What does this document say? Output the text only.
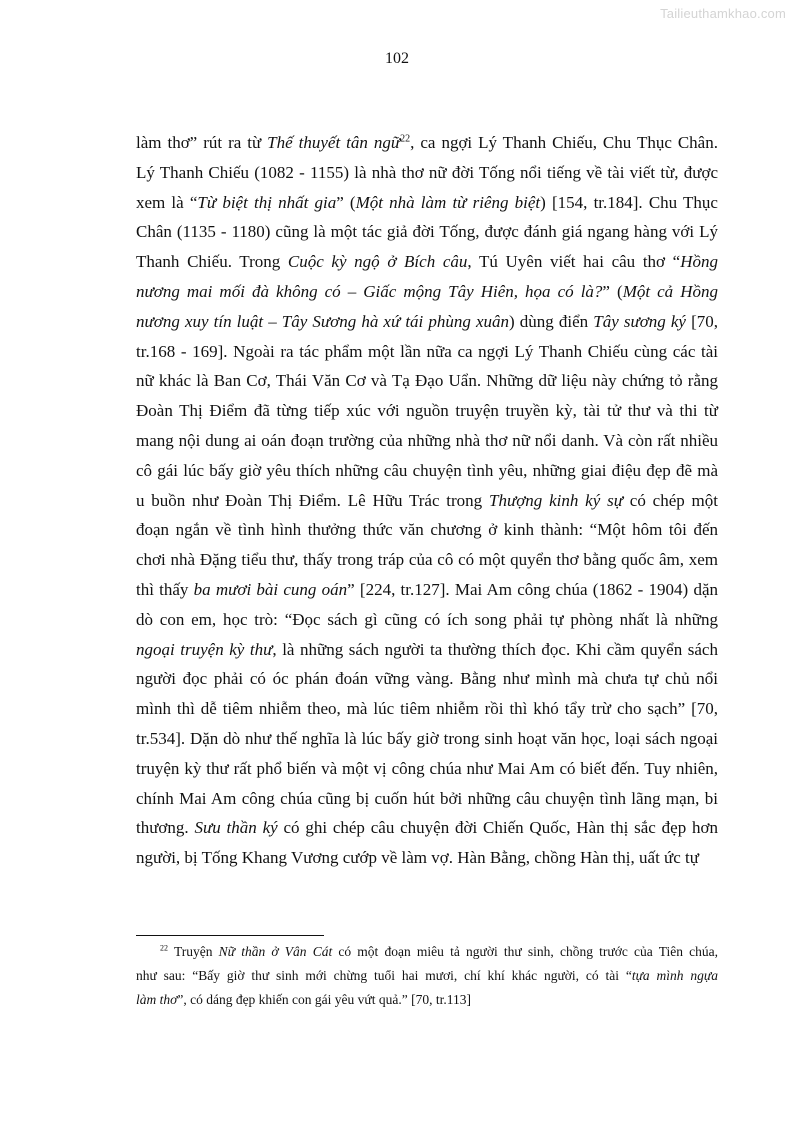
Tailieuthamkhao.com
102
làm thơ” rút ra từ Thế thuyết tân ngữ$^{22}$, ca ngợi Lý Thanh Chiếu, Chu Thục Chân.
Lý Thanh Chiếu (1082 - 1155) là nhà thơ nữ đời Tống nổi tiếng về tài viết từ, được
xem là “Từ biệt thị nhất gia” (Một nhà làm từ riêng biệt) [154, tr.184]. Chu Thục
Chân (1135 - 1180) cũng là một tác giả đời Tống, được đánh giá ngang hàng với Lý
Thanh Chiếu. Trong Cuộc kỳ ngộ ở Bích câu, Tú Uyên viết hai câu thơ “Hồng
nương mai mối đà không có – Giấc mộng Tây Hiên, họa có là?” (Một cả Hồng
nương xuy tín luật – Tây Sương hà xứ tái phùng xuân) dùng điển Tây sương ký [70,
tr.168 - 169]. Ngoài ra tác phẩm một lần nữa ca ngợi Lý Thanh Chiếu cùng các tài
nữ khác là Ban Cơ, Thái Văn Cơ và Tạ Đạo Uẩn. Những dữ liệu này chứng tỏ rằng
Đoàn Thị Điểm đã từng tiếp xúc với nguồn truyện truyền kỳ, tài tử thư và thi từ
mang nội dung ai oán đoạn trường của những nhà thơ nữ nổi danh. Và còn rất nhiều
cô gái lúc bấy giờ yêu thích những câu chuyện tình yêu, những giai điệu đẹp đẽ mà
u buồn như Đoàn Thị Điểm. Lê Hữu Trác trong Thượng kinh ký sự có chép một
đoạn ngắn về tình hình thưởng thức văn chương ở kinh thành: “Một hôm tôi đến
chơi nhà Đặng tiểu thư, thấy trong tráp của cô có một quyển thơ bằng quốc âm, xem
thì thấy ba mươi bài cung oán” [224, tr.127]. Mai Am công chúa (1862 - 1904) dặn
dò con em, học trò: “Đọc sách gì cũng có ích song phải tự phòng nhất là những
ngoại truyện kỳ thư, là những sách người ta thường thích đọc. Khi cầm quyển sách
người đọc phải có óc phán đoán vững vàng. Bằng như mình mà chưa tự chủ nổi
mình thì dễ tiêm nhiễm theo, mà lúc tiêm nhiễm rồi thì khó tẩy trừ cho sạch” [70,
tr.534]. Dặn dò như thế nghĩa là lúc bấy giờ trong sinh hoạt văn học, loại sách ngoại
truyện kỳ thư rất phổ biến và một vị công chúa như Mai Am có biết đến. Tuy nhiên,
chính Mai Am công chúa cũng bị cuốn hút bởi những câu chuyện tình lãng mạn, bi
thương. Sưu thần ký có ghi chép câu chuyện đời Chiến Quốc, Hàn thị sắc đẹp hơn
người, bị Tống Khang Vương cướp về làm vợ. Hàn Bằng, chồng Hàn thị, uất ức tự
$^{22}$ Truyện Nữ thần ở Vân Cát có một đoạn miêu tả người thư sinh, chồng trước của Tiên chúa,
như sau: “Bấy giờ thư sinh mới chừng tuổi hai mươi, chí khí khác người, có tài “tựa mình ngựa
làm thơ”, có dáng đẹp khiến con gái yêu vứt quả.” [70, tr.113]
